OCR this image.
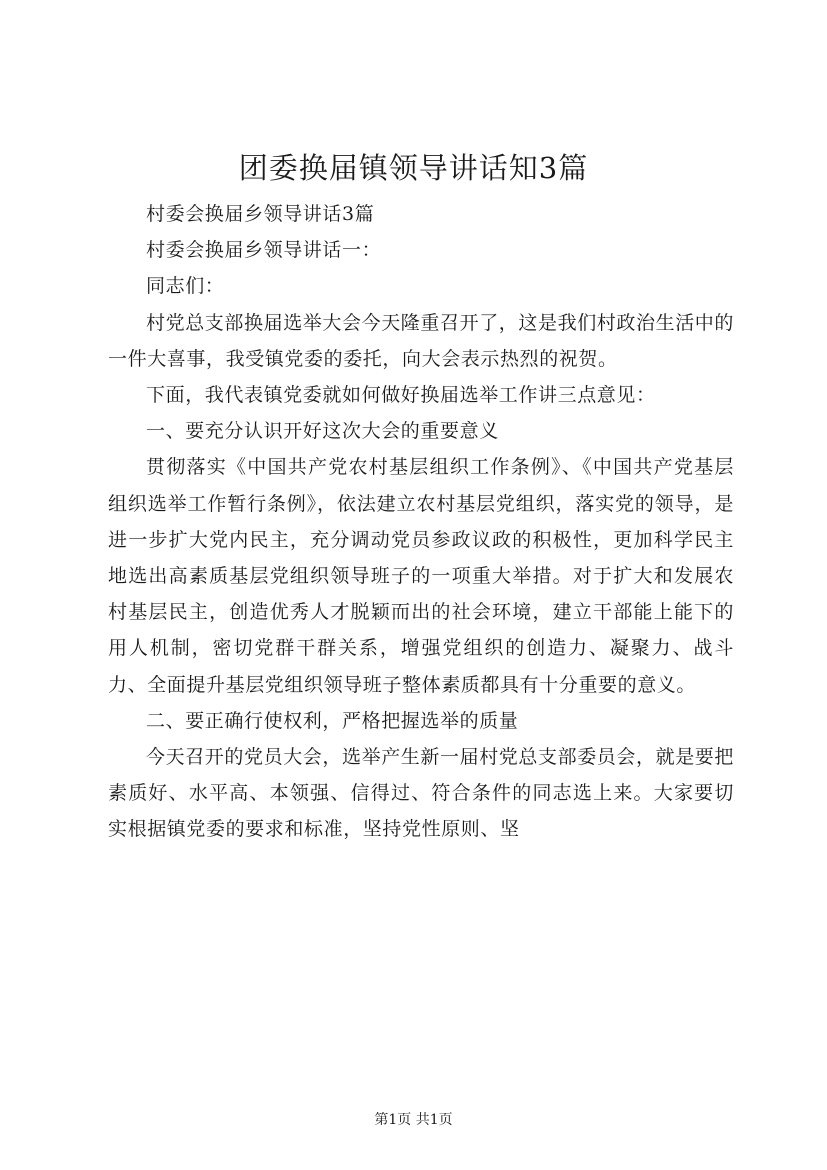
团委换届镇领导讲话知3篇

村委会换届乡领导讲话3篇

村委会换届乡领导讲话一：

同志们：

村党总支部换届选举大会今天隆重召开了，这是我们村政治生活中的一件大喜事，我受镇党委的委托，向大会表示热烈的祝贺。

下面，我代表镇党委就如何做好换届选举工作讲三点意见：

一、要充分认识开好这次大会的重要意义

贯彻落实《中国共产党农村基层组织工作条例》、《中国共产党基层组织选举工作暂行条例》，依法建立农村基层党组织，落实党的领导，是进一步扩大党内民主，充分调动党员参政议政的积极性，更加科学民主地选出高素质基层党组织领导班子的一项重大举措。对于扩大和发展农村基层民主，创造优秀人才脱颖而出的社会环境，建立干部能上能下的用人机制，密切党群干群关系，增强党组织的创造力、凝聚力、战斗力、全面提升基层党组织领导班子整体素质都具有十分重要的意义。

二、要正确行使权利，严格把握选举的质量

今天召开的党员大会，选举产生新一届村党总支部委员会，就是要把素质好、水平高、本领强、信得过、符合条件的同志选上来。大家要切实根据镇党委的要求和标准，坚持党性原则、坚

第1页 共1页
